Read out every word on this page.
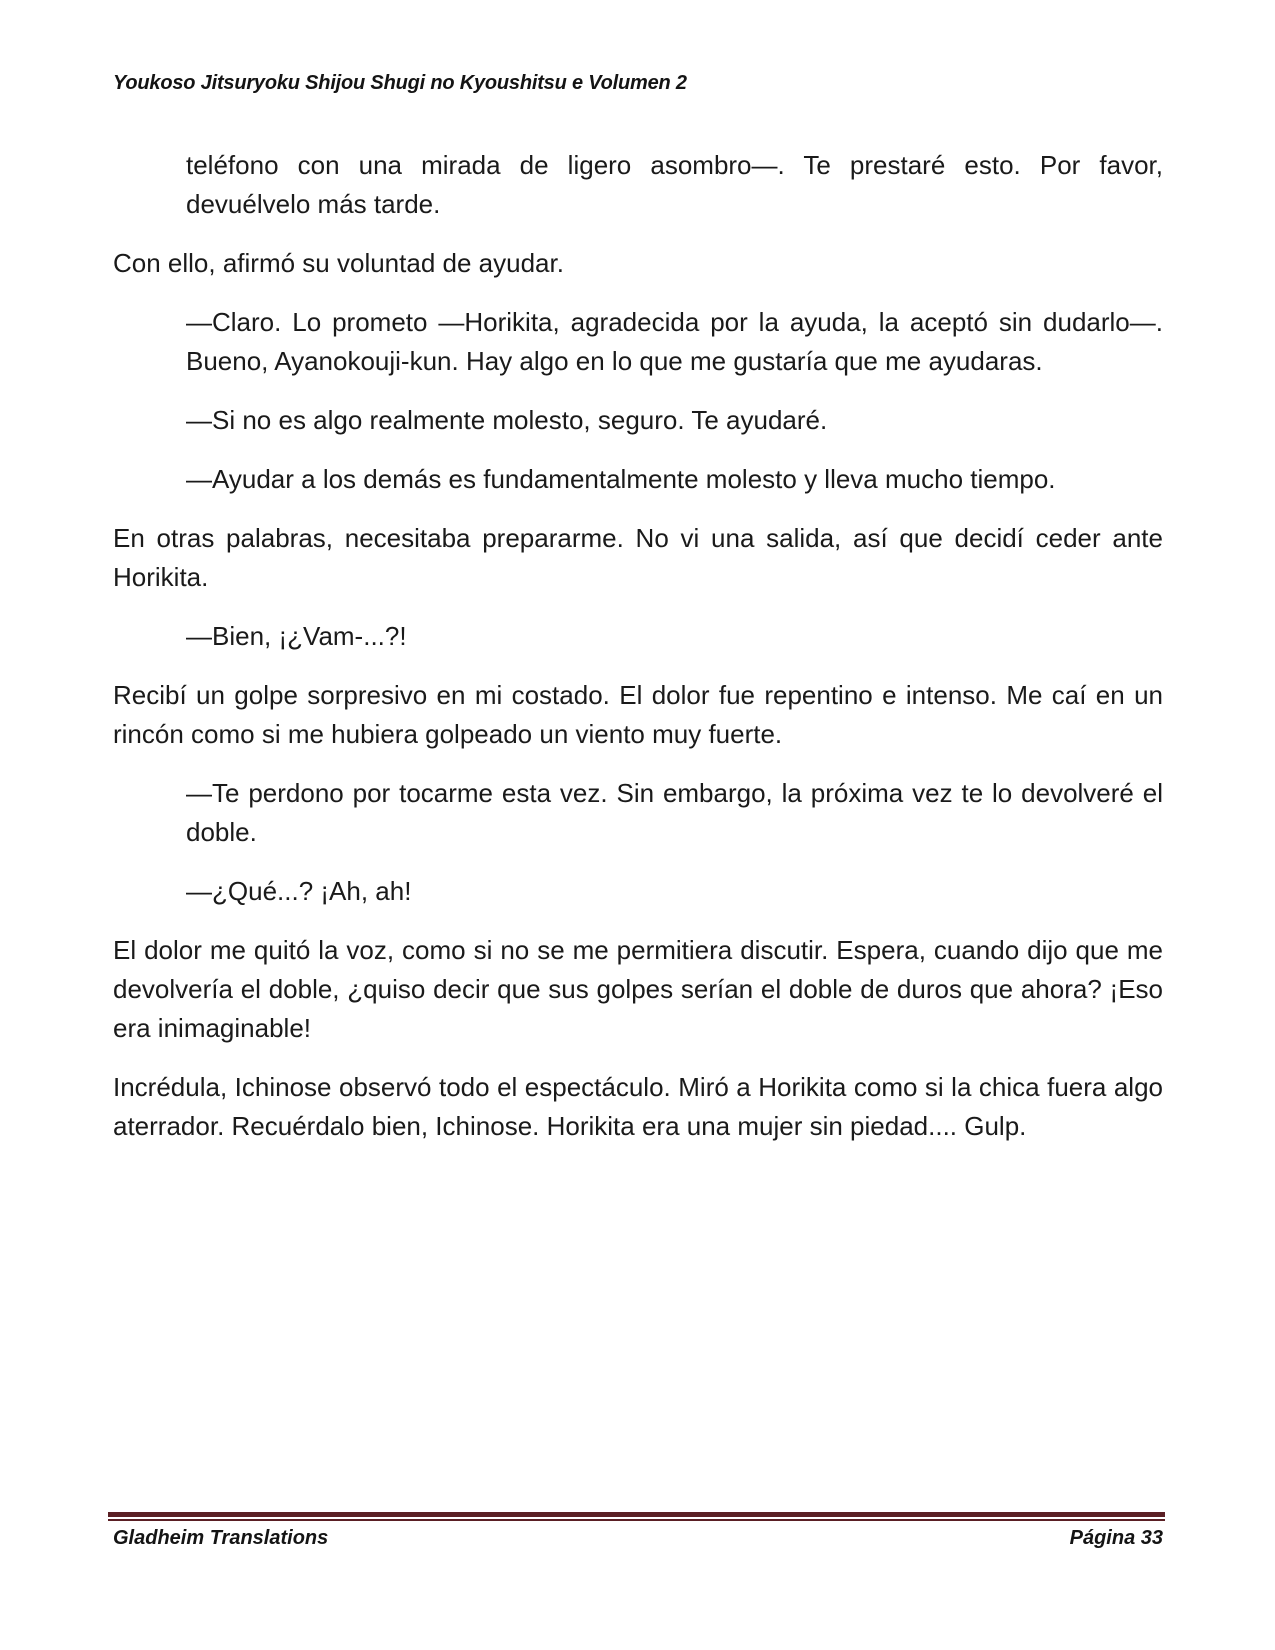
Youkoso Jitsuryoku Shijou Shugi no Kyoushitsu e Volumen 2

teléfono con una mirada de ligero asombro—. Te prestaré esto. Por favor, devuélvelo más tarde.

Con ello, afirmó su voluntad de ayudar.

—Claro. Lo prometo —Horikita, agradecida por la ayuda, la aceptó sin dudarlo—. Bueno, Ayanokouji-kun. Hay algo en lo que me gustaría que me ayudaras.

—Si no es algo realmente molesto, seguro. Te ayudaré.

—Ayudar a los demás es fundamentalmente molesto y lleva mucho tiempo.

En otras palabras, necesitaba prepararme. No vi una salida, así que decidí ceder ante Horikita.

—Bien, ¡¿Vam-...?!

Recibí un golpe sorpresivo en mi costado. El dolor fue repentino e intenso. Me caí en un rincón como si me hubiera golpeado un viento muy fuerte.

—Te perdono por tocarme esta vez. Sin embargo, la próxima vez te lo devolveré el doble.

—¿Qué...? ¡Ah, ah!

El dolor me quitó la voz, como si no se me permitiera discutir. Espera, cuando dijo que me devolvería el doble, ¿quiso decir que sus golpes serían el doble de duros que ahora? ¡Eso era inimaginable!

Incrédula, Ichinose observó todo el espectáculo. Miró a Horikita como si la chica fuera algo aterrador. Recuérdalo bien, Ichinose. Horikita era una mujer sin piedad.... Gulp.

Gladheim Translations	Página 33
